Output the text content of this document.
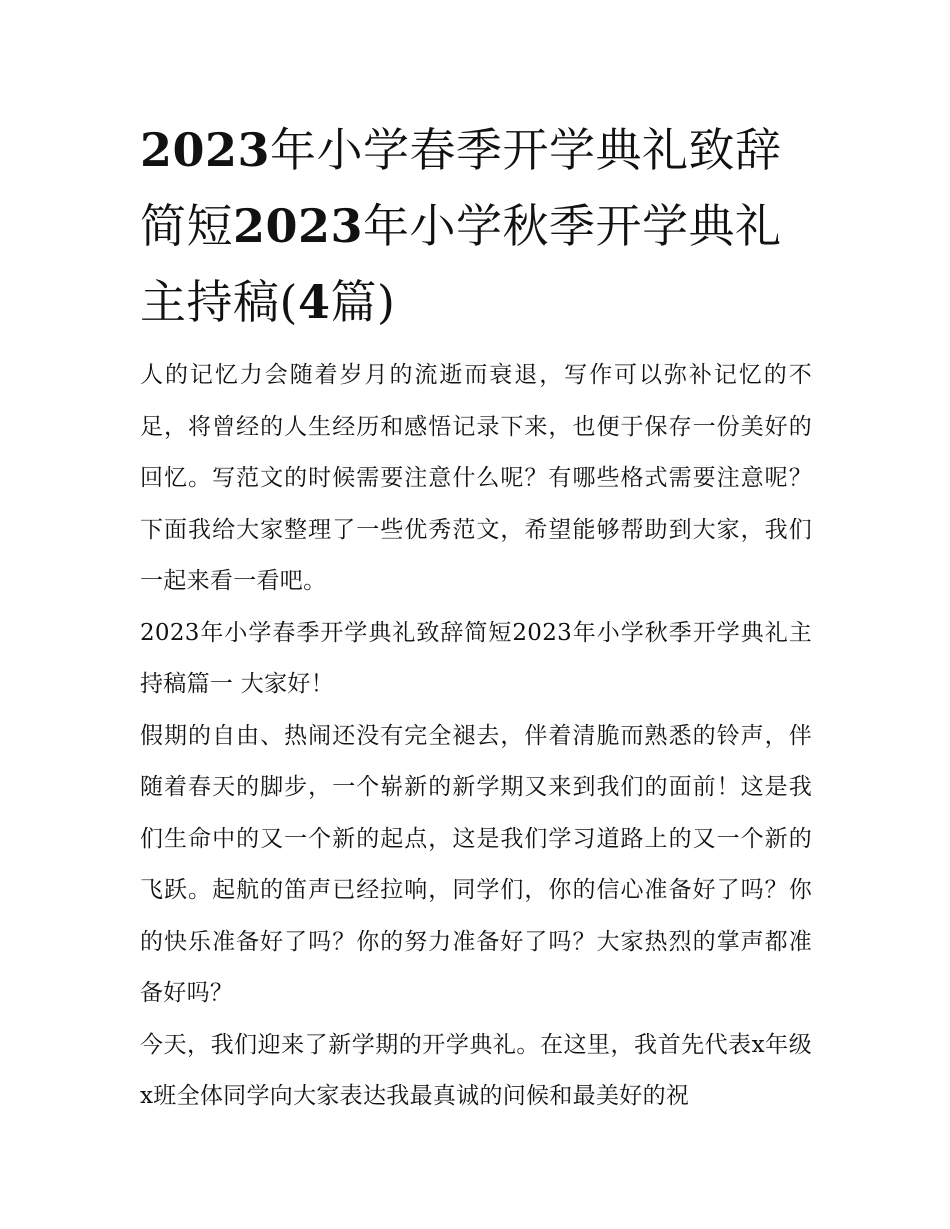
2023年小学春季开学典礼致辞简短2023年小学秋季开学典礼主持稿(4篇)

人的记忆力会随着岁月的流逝而衰退，写作可以弥补记忆的不足，将曾经的人生经历和感悟记录下来，也便于保存一份美好的回忆。写范文的时候需要注意什么呢？有哪些格式需要注意呢？下面我给大家整理了一些优秀范文，希望能够帮助到大家，我们一起来看一看吧。

2023年小学春季开学典礼致辞简短2023年小学秋季开学典礼主持稿篇一 大家好！

假期的自由、热闹还没有完全褪去，伴着清脆而熟悉的铃声，伴随着春天的脚步，一个崭新的新学期又来到我们的面前！这是我们生命中的又一个新的起点，这是我们学习道路上的又一个新的飞跃。起航的笛声已经拉响，同学们，你的信心准备好了吗？你的快乐准备好了吗？你的努力准备好了吗？大家热烈的掌声都准备好吗？

今天，我们迎来了新学期的开学典礼。在这里，我首先代表x年级x班全体同学向大家表达我最真诚的问候和最美好的祝
